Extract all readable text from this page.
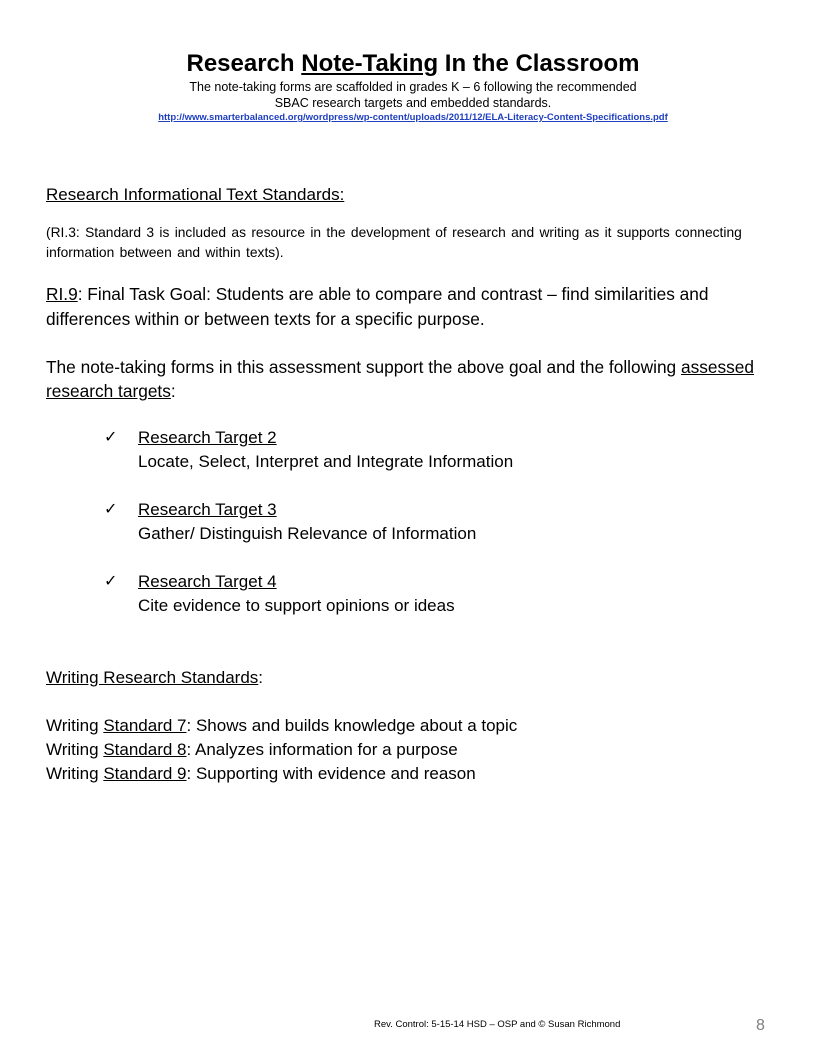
Research Note-Taking In the Classroom
The note-taking forms are scaffolded in grades K – 6 following the recommended
SBAC research targets and embedded standards.
http://www.smarterbalanced.org/wordpress/wp-content/uploads/2011/12/ELA-Literacy-Content-Specifications.pdf
Research Informational Text Standards:
(RI.3: Standard 3 is included as resource in the development of research and writing as it supports connecting information between and within texts).
RI.9: Final Task Goal: Students are able to compare and contrast – find similarities and differences within or between texts for a specific purpose.
The note-taking forms in this assessment support the above goal and the following assessed research targets:
✓ Research Target 2
Locate, Select, Interpret and Integrate Information
✓ Research Target 3
Gather/ Distinguish Relevance of Information
✓ Research Target 4
Cite evidence to support opinions or ideas
Writing Research Standards:
Writing Standard 7: Shows and builds knowledge about a topic
Writing Standard 8: Analyzes information for a purpose
Writing Standard 9: Supporting with evidence and reason
Rev. Control: 5-15-14 HSD – OSP and © Susan Richmond	8
